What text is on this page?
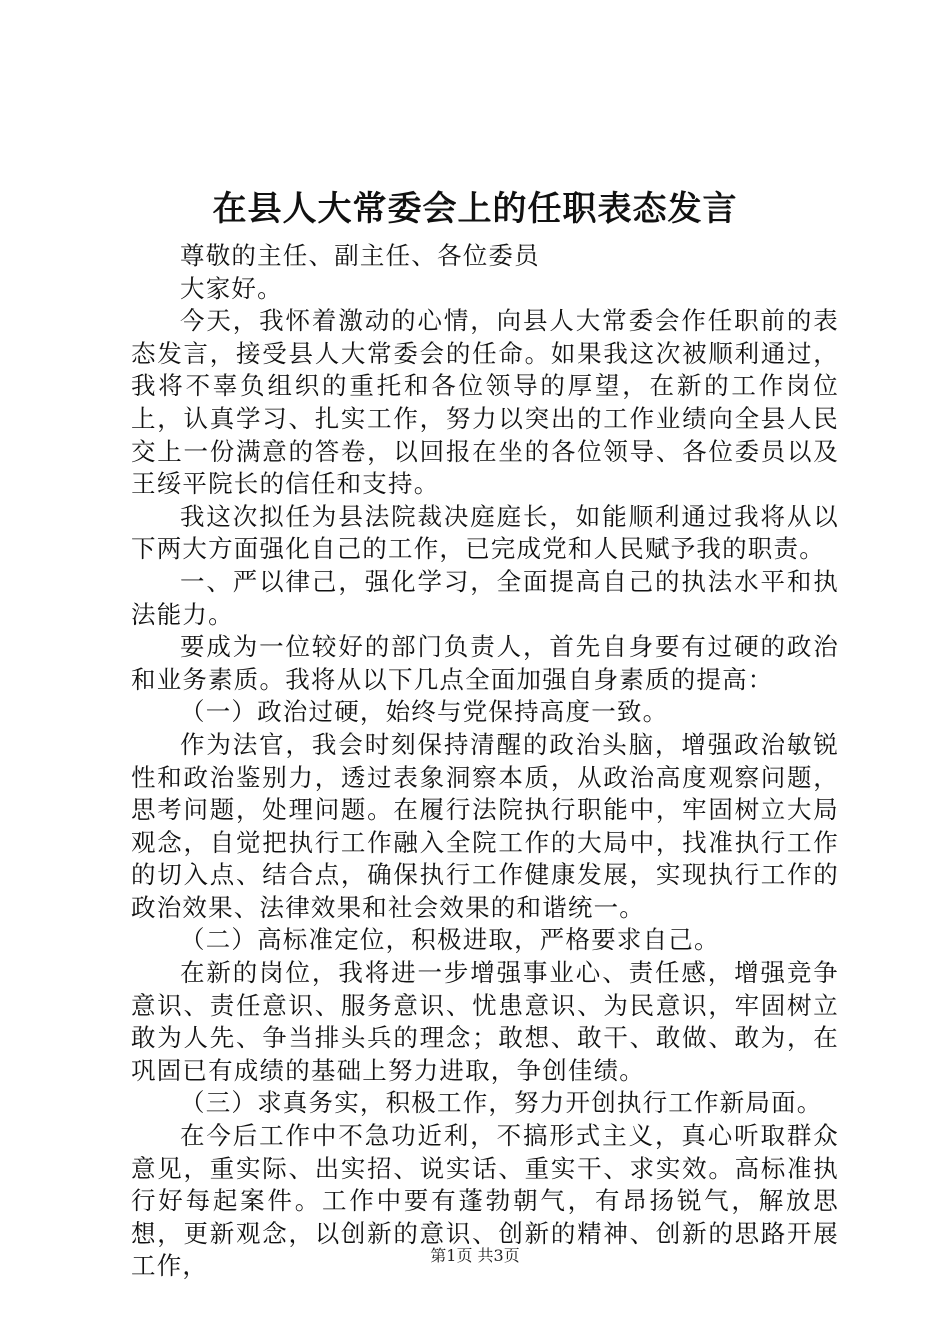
在县人大常委会上的任职表态发言

尊敬的主任、副主任、各位委员

大家好。

今天，我怀着激动的心情，向县人大常委会作任职前的表态发言，接受县人大常委会的任命。如果我这次被顺利通过，我将不辜负组织的重托和各位领导的厚望，在新的工作岗位上，认真学习、扎实工作，努力以突出的工作业绩向全县人民交上一份满意的答卷，以回报在坐的各位领导、各位委员以及王绥平院长的信任和支持。

我这次拟任为县法院裁决庭庭长，如能顺利通过我将从以下两大方面强化自己的工作，已完成党和人民赋予我的职责。

一、严以律己，强化学习，全面提高自己的执法水平和执法能力。

要成为一位较好的部门负责人，首先自身要有过硬的政治和业务素质。我将从以下几点全面加强自身素质的提高：

（一）政治过硬，始终与党保持高度一致。

作为法官，我会时刻保持清醒的政治头脑，增强政治敏锐性和政治鉴别力，透过表象洞察本质，从政治高度观察问题，思考问题，处理问题。在履行法院执行职能中，牢固树立大局观念，自觉把执行工作融入全院工作的大局中，找准执行工作的切入点、结合点，确保执行工作健康发展，实现执行工作的政治效果、法律效果和社会效果的和谐统一。

（二）高标准定位，积极进取，严格要求自己。

在新的岗位，我将进一步增强事业心、责任感，增强竞争意识、责任意识、服务意识、忧患意识、为民意识，牢固树立敢为人先、争当排头兵的理念；敢想、敢干、敢做、敢为，在巩固已有成绩的基础上努力进取，争创佳绩。

（三）求真务实，积极工作，努力开创执行工作新局面。

在今后工作中不急功近利，不搞形式主义，真心听取群众意见，重实际、出实招、说实话、重实干、求实效。高标准执行好每起案件。工作中要有蓬勃朝气，有昂扬锐气，解放思想，更新观念，以创新的意识、创新的精神、创新的思路开展工作，	第1页 共3页
